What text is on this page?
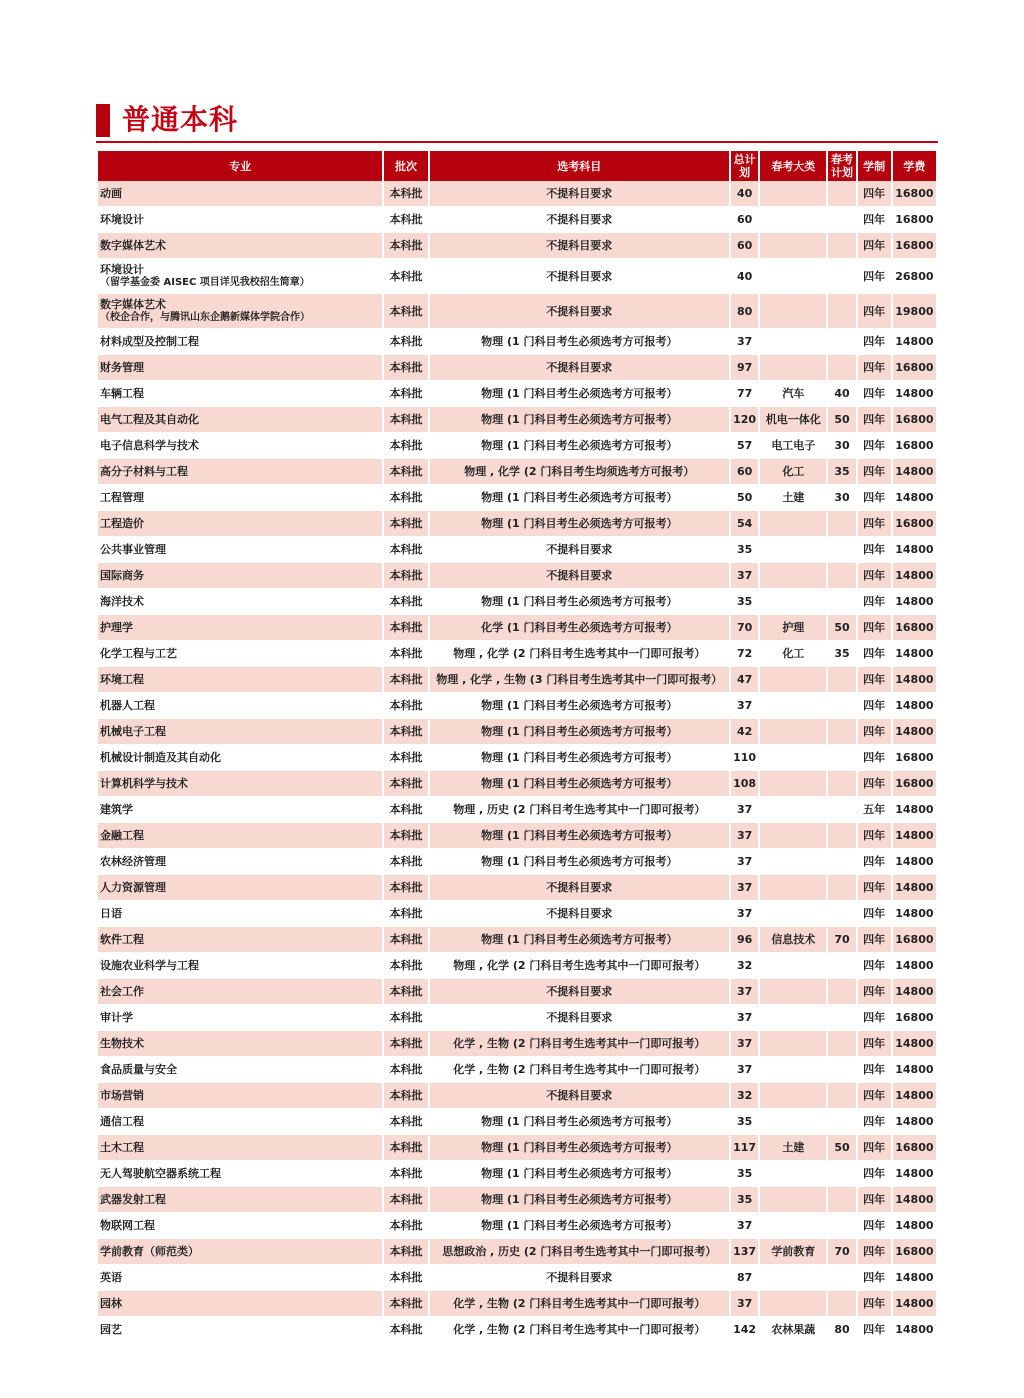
普通本科
专业	批次	选考科目	总计划	春考大类	春考计划	学制	学费

动画	本科批	不提科目要求	40			四年	16800

环境设计	本科批	不提科目要求	60			四年	16800

数字媒体艺术	本科批	不提科目要求	60			四年	16800

环境设计
（留学基金委 AISEC 项目详见我校招生简章）	本科批	不提科目要求	40			四年	26800

数字媒体艺术
（校企合作，与腾讯山东企鹅新媒体学院合作）	本科批	不提科目要求	80			四年	19800

材料成型及控制工程	本科批	物理 (1 门科目考生必须选考方可报考）	37			四年	14800

财务管理	本科批	不提科目要求	97			四年	16800

车辆工程	本科批	物理 (1 门科目考生必须选考方可报考）	77	汽车	40	四年	14800

电气工程及其自动化	本科批	物理 (1 门科目考生必须选考方可报考）	120	机电一体化	50	四年	16800

电子信息科学与技术	本科批	物理 (1 门科目考生必须选考方可报考）	57	电工电子	30	四年	16800

高分子材料与工程	本科批	物理 , 化学 (2 门科目考生均须选考方可报考）	60	化工	35	四年	14800

工程管理	本科批	物理 (1 门科目考生必须选考方可报考）	50	土建	30	四年	14800

工程造价	本科批	物理 (1 门科目考生必须选考方可报考）	54			四年	16800

公共事业管理	本科批	不提科目要求	35			四年	14800

国际商务	本科批	不提科目要求	37			四年	14800

海洋技术	本科批	物理 (1 门科目考生必须选考方可报考）	35			四年	14800

护理学	本科批	化学 (1 门科目考生必须选考方可报考）	70	护理	50	四年	16800

化学工程与工艺	本科批	物理 , 化学 (2 门科目考生选考其中一门即可报考）	72	化工	35	四年	14800

环境工程	本科批	物理 , 化学 , 生物 (3 门科目考生选考其中一门即可报考）	47			四年	14800

机器人工程	本科批	物理 (1 门科目考生必须选考方可报考）	37			四年	14800

机械电子工程	本科批	物理 (1 门科目考生必须选考方可报考）	42			四年	14800

机械设计制造及其自动化	本科批	物理 (1 门科目考生必须选考方可报考）	110			四年	16800

计算机科学与技术	本科批	物理 (1 门科目考生必须选考方可报考）	108			四年	16800

建筑学	本科批	物理 , 历史 (2 门科目考生选考其中一门即可报考）	37			五年	14800

金融工程	本科批	物理 (1 门科目考生必须选考方可报考）	37			四年	14800

农林经济管理	本科批	物理 (1 门科目考生必须选考方可报考）	37			四年	14800

人力资源管理	本科批	不提科目要求	37			四年	14800

日语	本科批	不提科目要求	37			四年	14800

软件工程	本科批	物理 (1 门科目考生必须选考方可报考）	96	信息技术	70	四年	16800

设施农业科学与工程	本科批	物理 , 化学 (2 门科目考生选考其中一门即可报考）	32			四年	14800

社会工作	本科批	不提科目要求	37			四年	14800

审计学	本科批	不提科目要求	37			四年	16800

生物技术	本科批	化学 , 生物 (2 门科目考生选考其中一门即可报考）	37			四年	14800

食品质量与安全	本科批	化学 , 生物 (2 门科目考生选考其中一门即可报考）	37			四年	14800

市场营销	本科批	不提科目要求	32			四年	14800

通信工程	本科批	物理 (1 门科目考生必须选考方可报考）	35			四年	14800

土木工程	本科批	物理 (1 门科目考生必须选考方可报考）	117	土建	50	四年	16800

无人驾驶航空器系统工程	本科批	物理 (1 门科目考生必须选考方可报考）	35			四年	14800

武器发射工程	本科批	物理 (1 门科目考生必须选考方可报考）	35			四年	14800

物联网工程	本科批	物理 (1 门科目考生必须选考方可报考）	37			四年	14800

学前教育（师范类）	本科批	思想政治 , 历史 (2 门科目考生选考其中一门即可报考）	137	学前教育	70	四年	16800

英语	本科批	不提科目要求	87			四年	14800

园林	本科批	化学 , 生物 (2 门科目考生选考其中一门即可报考）	37			四年	14800

园艺	本科批	化学 , 生物 (2 门科目考生选考其中一门即可报考）	142	农林果蔬	80	四年	14800
